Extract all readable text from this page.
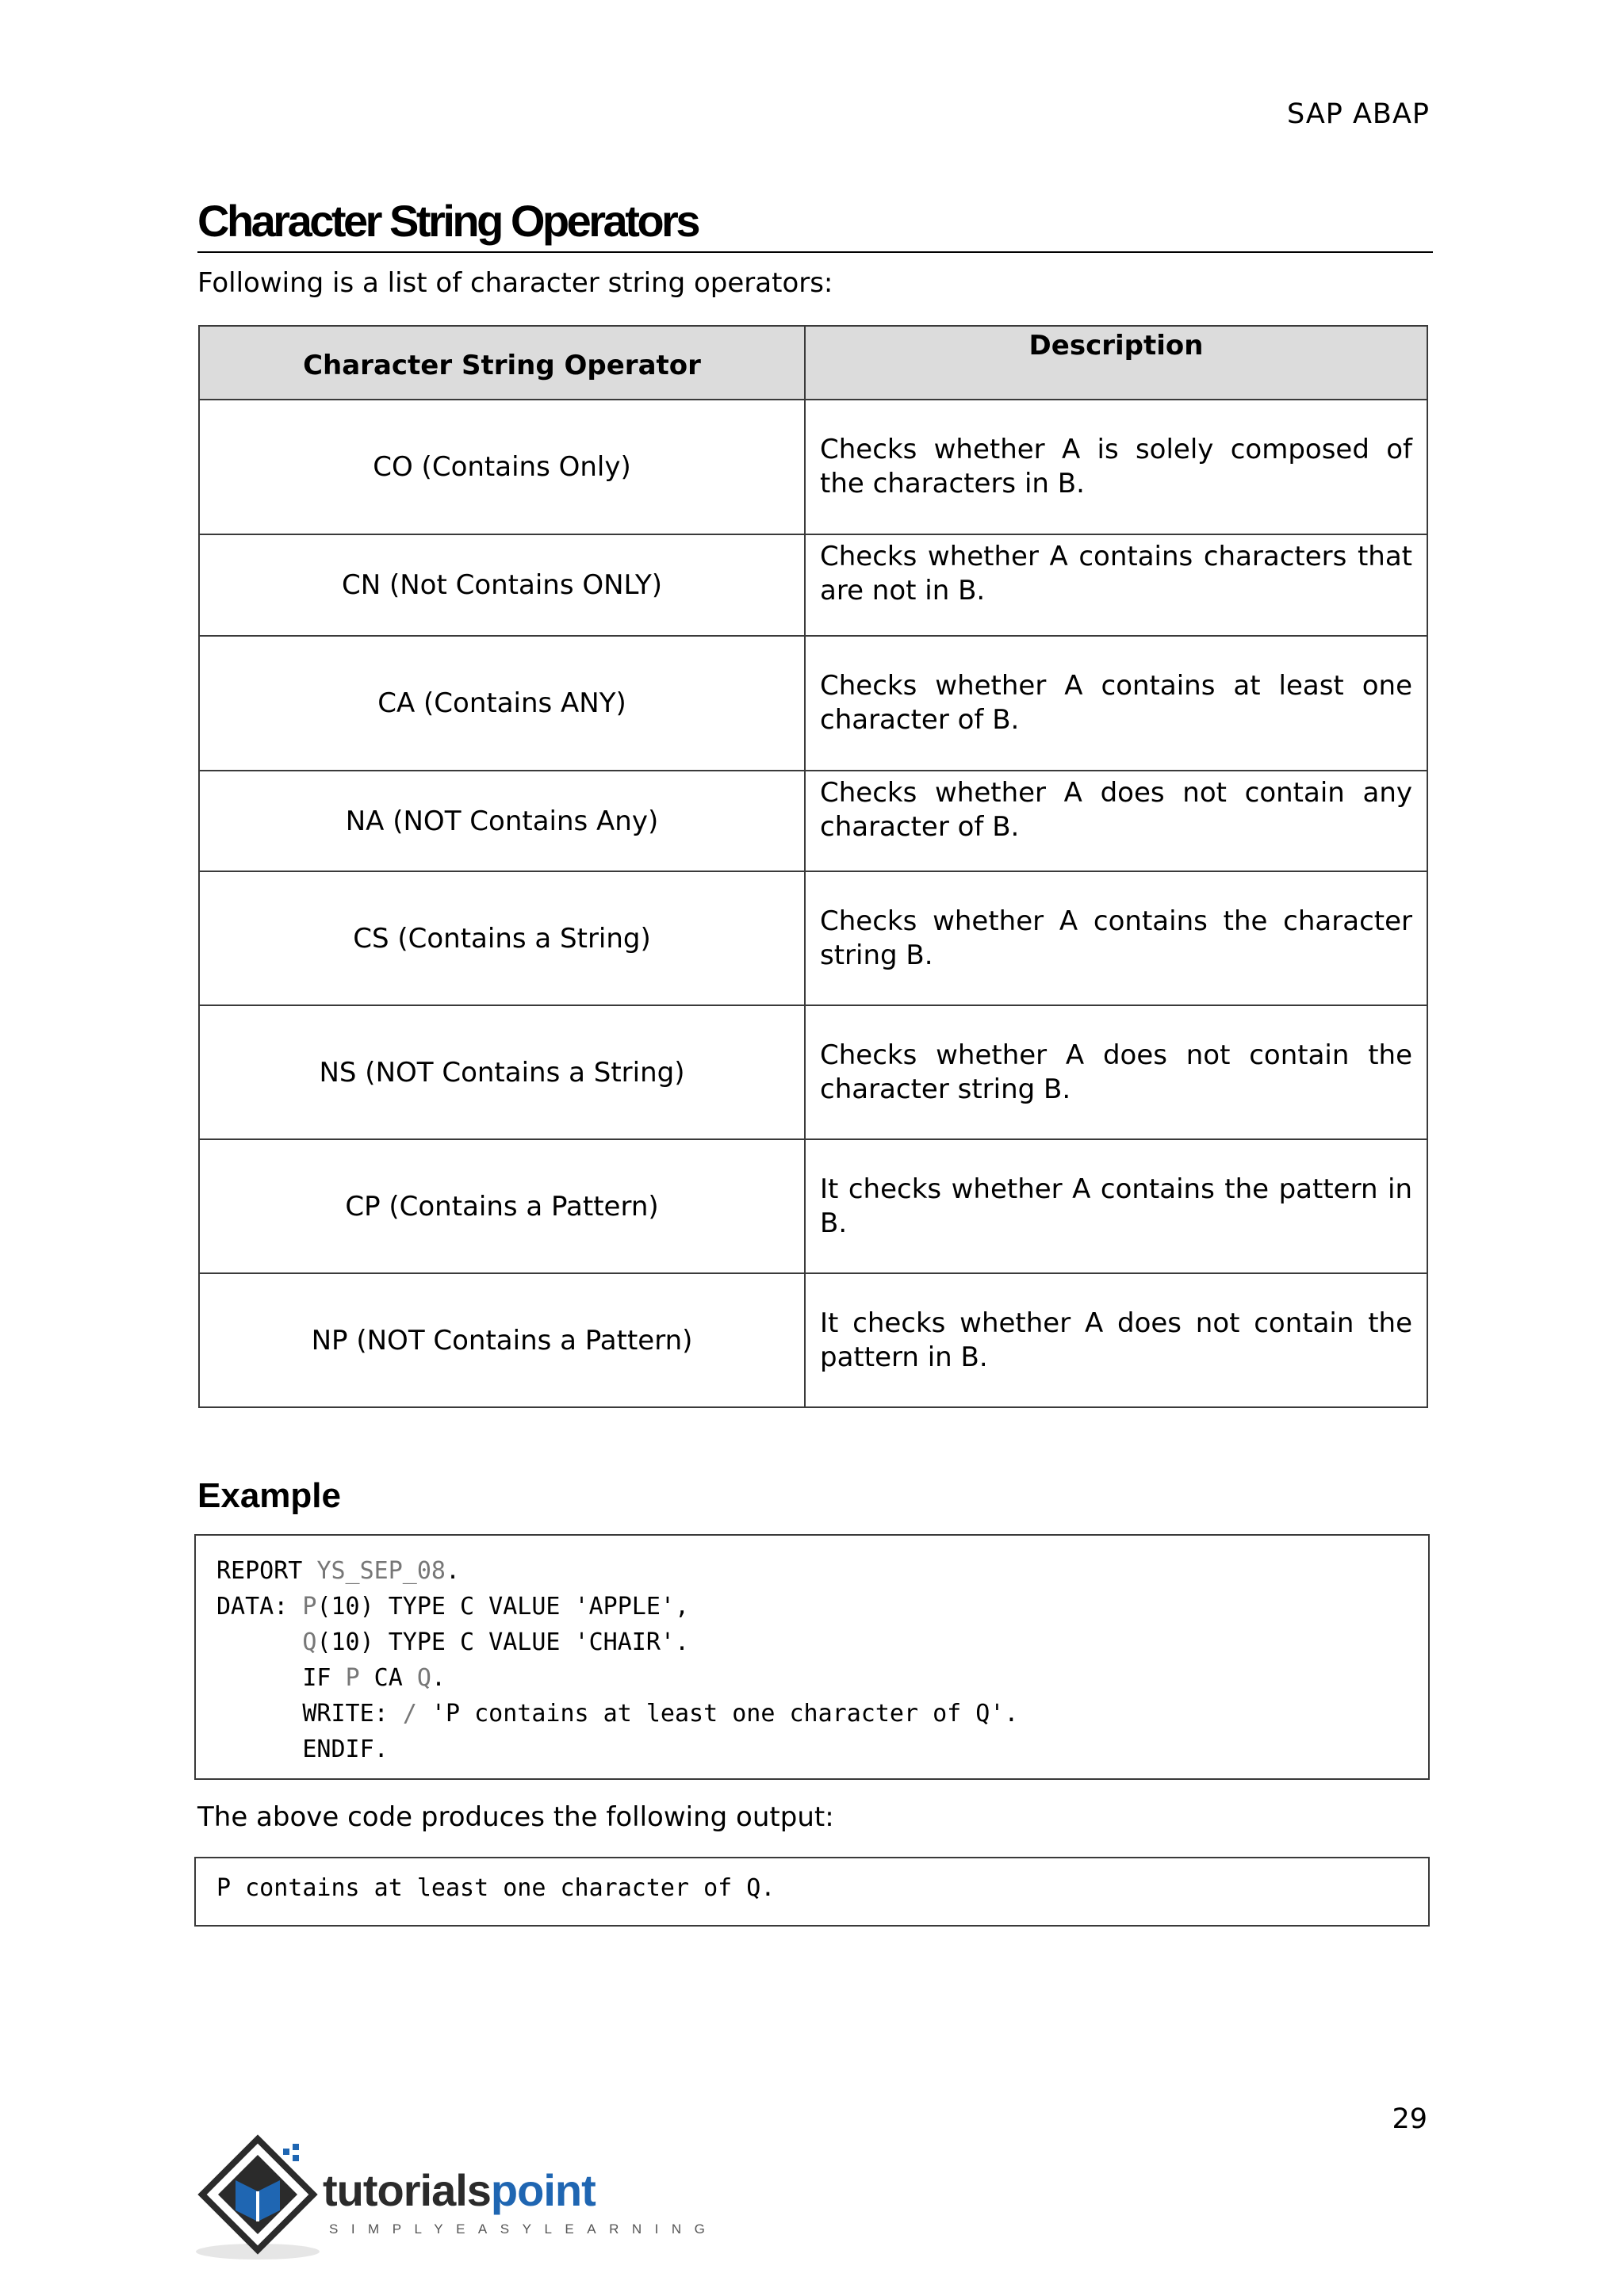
SAP ABAP
Character String Operators
Following is a list of character string operators:
Character String Operator	Description
CO (Contains Only)	Checks whether A is solely composed of the characters in B.
CN (Not Contains ONLY)	Checks whether A contains characters that are not in B.
CA (Contains ANY)	Checks whether A contains at least one character of B.
NA (NOT Contains Any)	Checks whether A does not contain any character of B.
CS (Contains a String)	Checks whether A contains the character string B.
NS (NOT Contains a String)	Checks whether A does not contain the character string B.
CP (Contains a Pattern)	It checks whether A contains the pattern in B.
NP (NOT Contains a Pattern)	It checks whether A does not contain the pattern in B.
Example
REPORT YS_SEP_08.
DATA: P(10) TYPE C VALUE 'APPLE',
Q(10) TYPE C VALUE 'CHAIR'.
IF P CA Q.
WRITE: / 'P contains at least one character of Q'.
ENDIF.
The above code produces the following output:
P contains at least one character of Q.
29
tutorialspoint
SIMPLYEASYLEARNING
